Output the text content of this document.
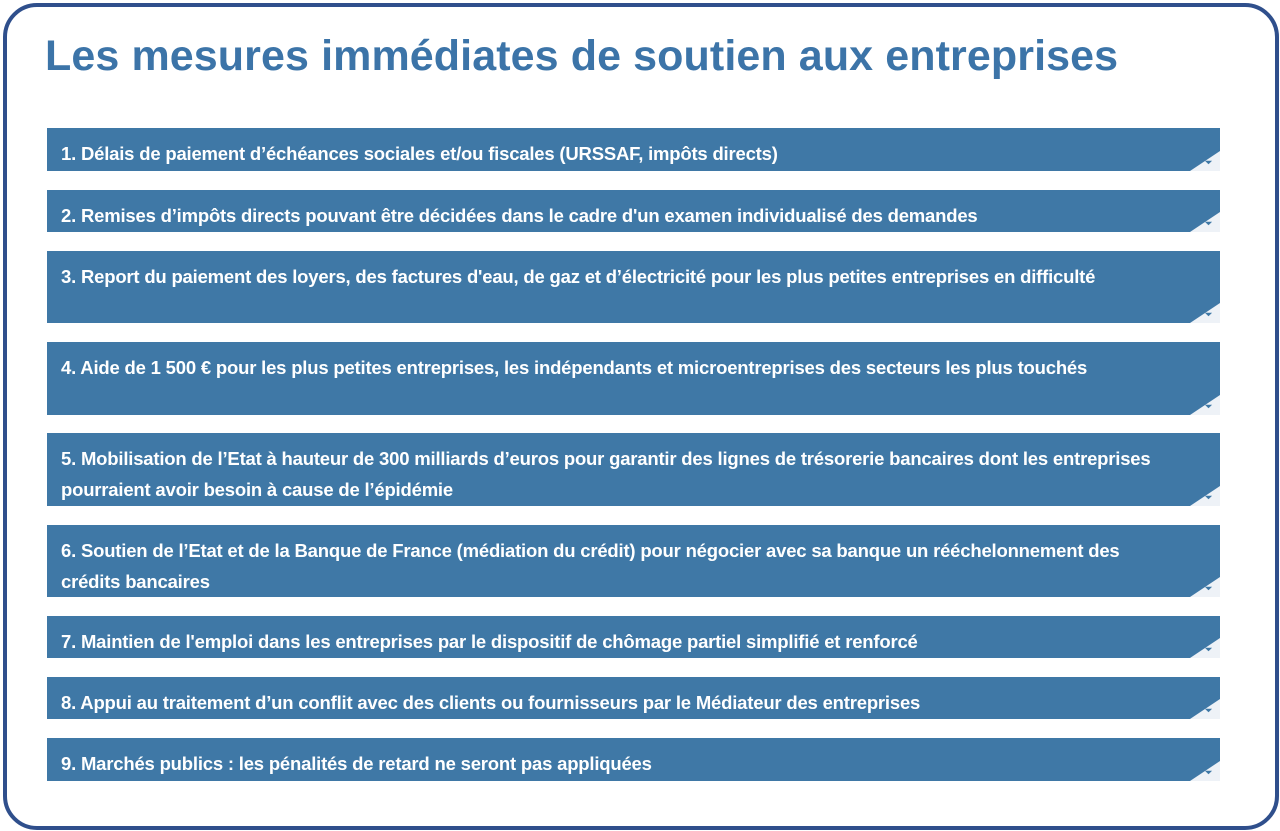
Les mesures immédiates de soutien aux entreprises
1. Délais de paiement d’échéances sociales et/ou fiscales (URSSAF, impôts directs)
2. Remises d’impôts directs pouvant être décidées dans le cadre d'un examen individualisé des demandes
3. Report du paiement des loyers, des factures d'eau, de gaz et d’électricité pour les plus petites entreprises en difficulté
4. Aide de 1 500 € pour les plus petites entreprises, les indépendants et microentreprises des secteurs les plus touchés
5. Mobilisation de l’Etat à hauteur de 300 milliards d’euros pour garantir des lignes de trésorerie bancaires dont les entreprises pourraient avoir besoin à cause de l’épidémie
6. Soutien de l’Etat et de la Banque de France (médiation du crédit) pour négocier avec sa banque un rééchelonnement des crédits bancaires
7. Maintien de l'emploi dans les entreprises par le dispositif de chômage partiel simplifié et renforcé
8. Appui au traitement d’un conflit avec des clients ou fournisseurs par le Médiateur des entreprises
9. Marchés publics : les pénalités de retard ne seront pas appliquées
